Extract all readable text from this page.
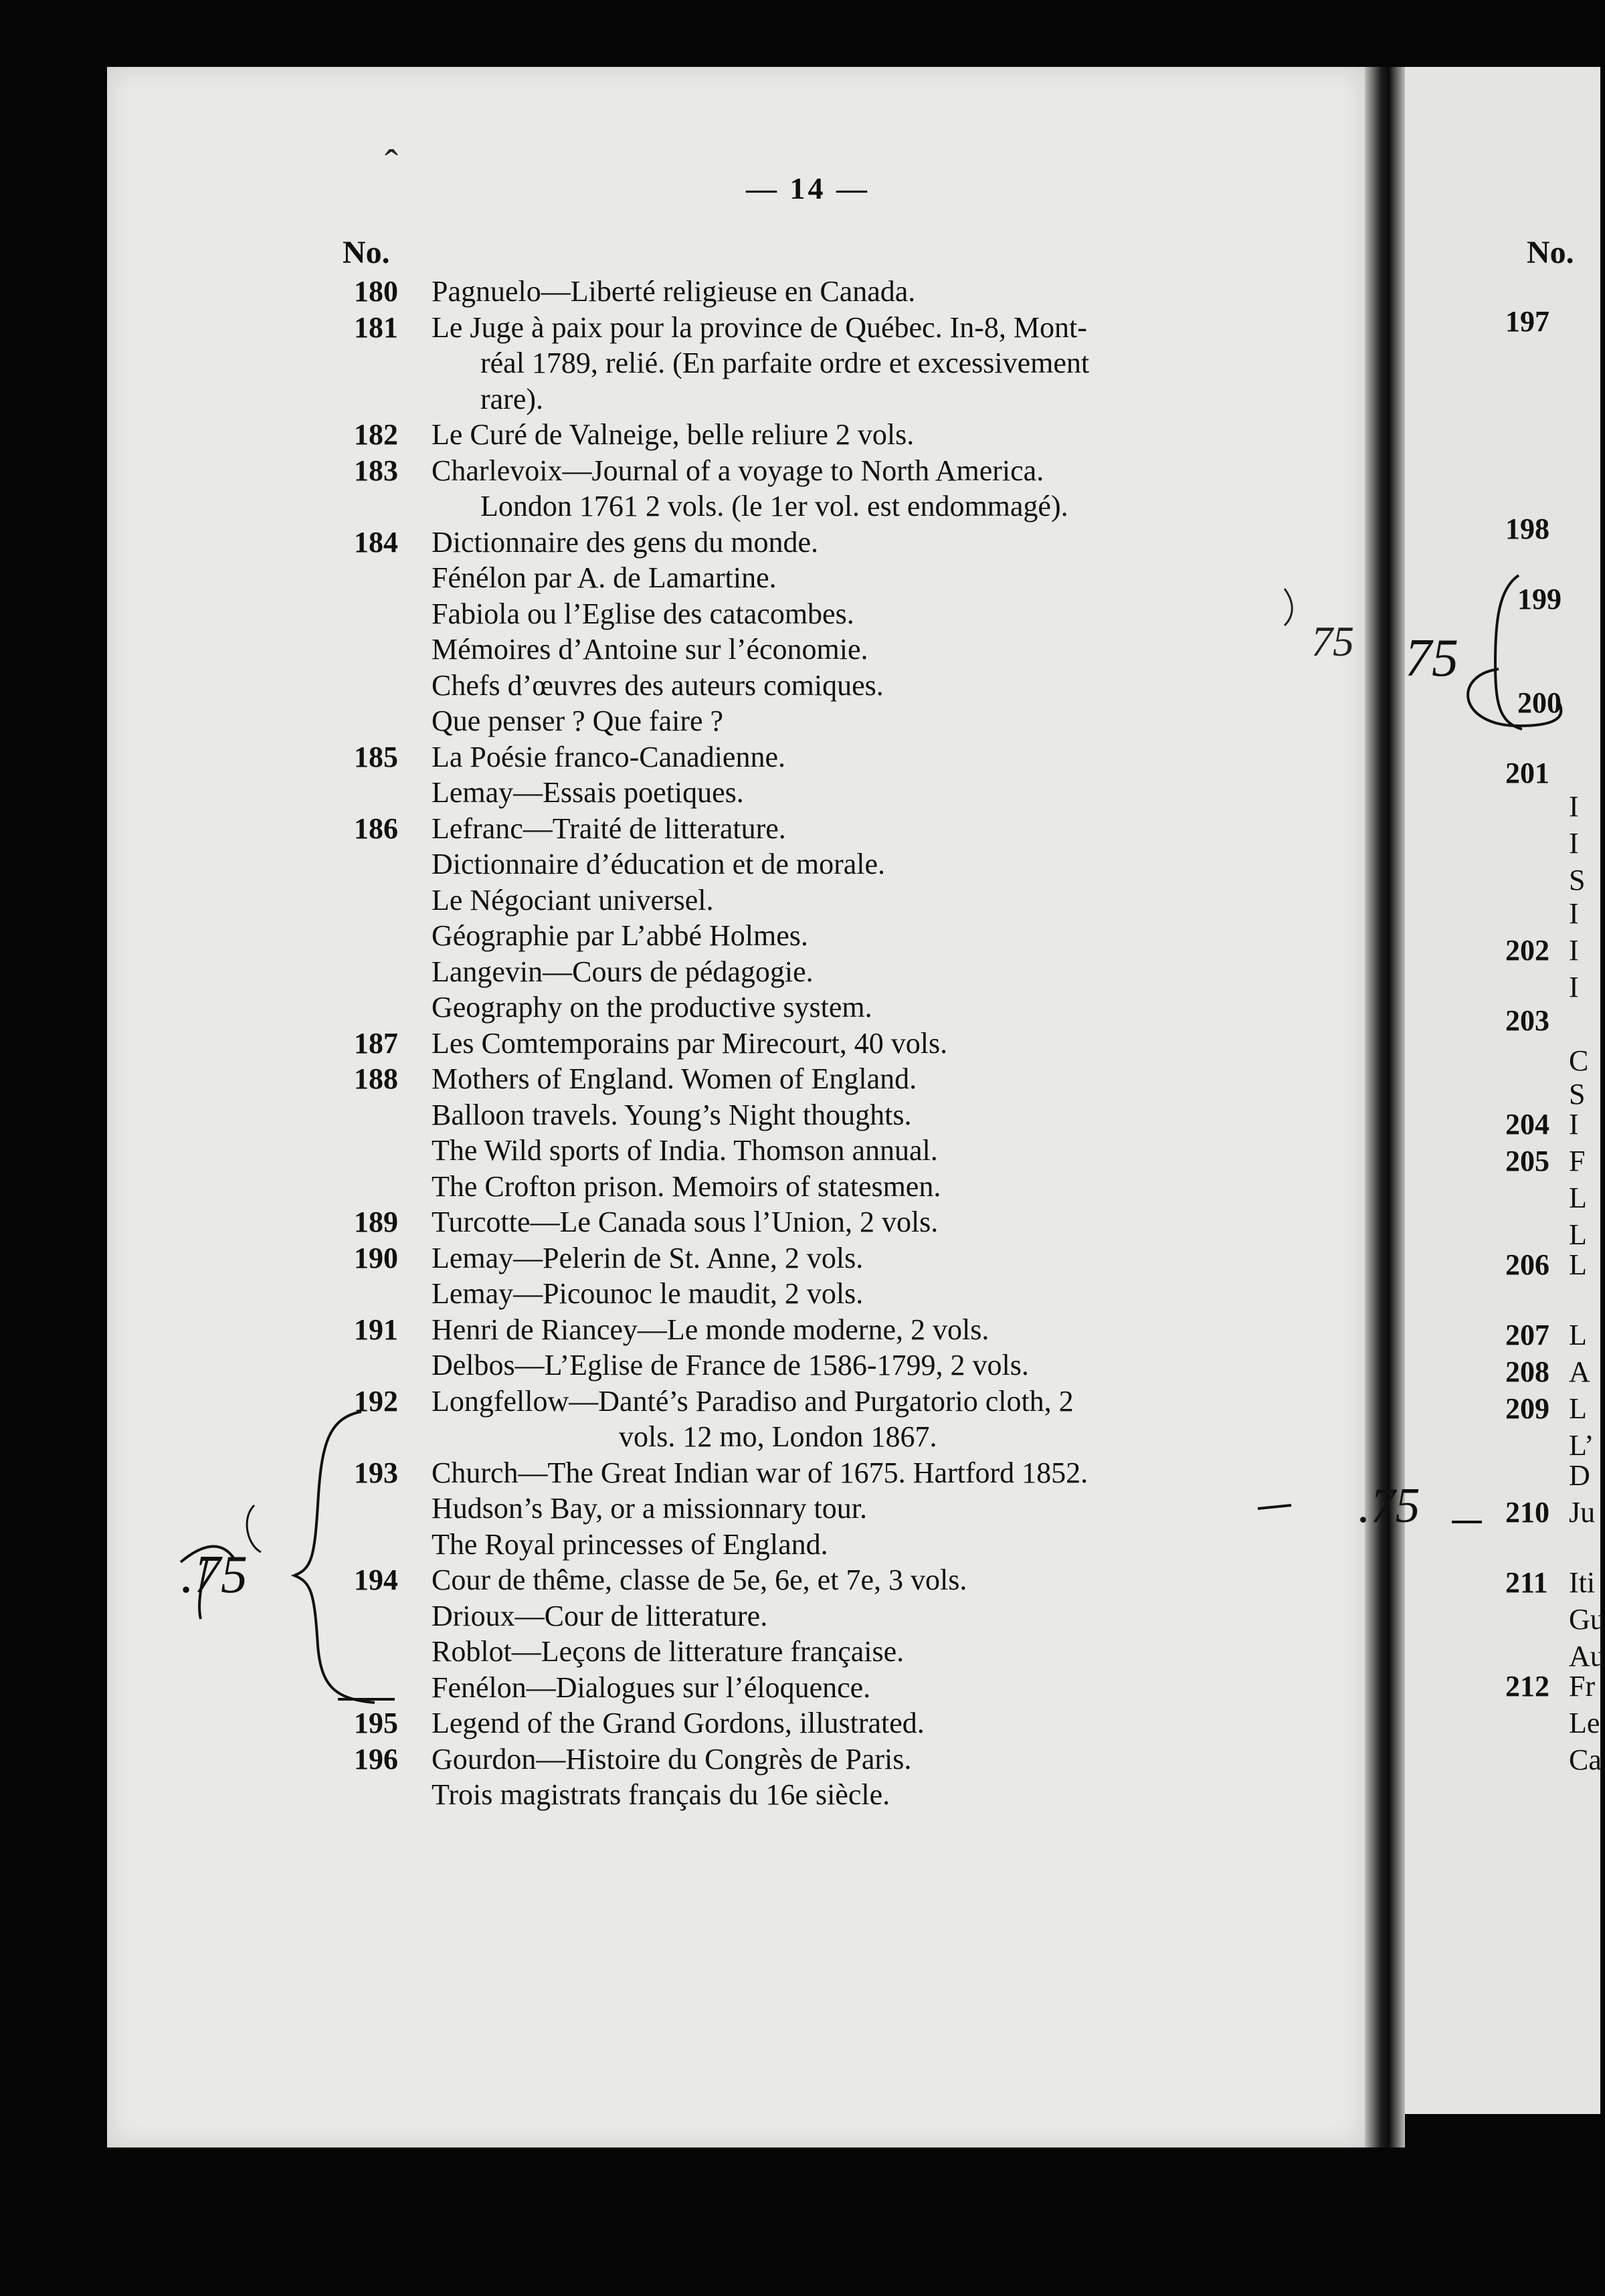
— 14 —
No.	No.
180 Pagnuelo—Liberté religieuse en Canada.
181 Le Juge à paix pour la province de Québec. In-8, Mont-
réal 1789, relié. (En parfaite ordre et excessivement
rare).
182 Le Curé de Valneige, belle reliure 2 vols.
183 Charlevoix—Journal of a voyage to North America.
London 1761 2 vols. (le 1er vol. est endommagé).
184 Dictionnaire des gens du monde.
Fénélon par A. de Lamartine.
Fabiola ou l’Eglise des catacombes.
Mémoires d’Antoine sur l’économie.
Chefs d’œuvres des auteurs comiques.
Que penser ? Que faire ?
185 La Poésie franco-Canadienne.
Lemay—Essais poetiques.
186 Lefranc—Traité de litterature.
Dictionnaire d’éducation et de morale.
Le Négociant universel.
Géographie par L’abbé Holmes.
Langevin—Cours de pédagogie.
Geography on the productive system.
187 Les Comtemporains par Mirecourt, 40 vols.
188 Mothers of England. Women of England.
Balloon travels. Young’s Night thoughts.
The Wild sports of India. Thomson annual.
The Crofton prison. Memoirs of statesmen.
189 Turcotte—Le Canada sous l’Union, 2 vols.
190 Lemay—Pelerin de St. Anne, 2 vols.
Lemay—Picounoc le maudit, 2 vols.
191 Henri de Riancey—Le monde moderne, 2 vols.
Delbos—L’Eglise de France de 1586-1799, 2 vols.
192 Longfellow—Danté’s Paradiso and Purgatorio cloth, 2
vols. 12 mo, London 1867.
193 Church—The Great Indian war of 1675. Hartford 1852.
Hudson’s Bay, or a missionnary tour.
The Royal princesses of England.
194 Cour de thême, classe de 5e, 6e, et 7e, 3 vols.
Drioux—Cour de litterature.
Roblot—Leçons de litterature française.
Fenélon—Dialogues sur l’éloquence.
195 Legend of the Grand Gordons, illustrated.
196 Gourdon—Histoire du Congrès de Paris.
Trois magistrats français du 16e siècle.
197
198
199
200
201
202
203
204
205
206
207
208
209
210
211
212
I
I
S
I
I
I
C
S
I
F
L
L
L
L
A
L
L’
D
Ju
Iti
Gu
Au
Fr
Le
Ca
.75
75
75
.75
ˆ
